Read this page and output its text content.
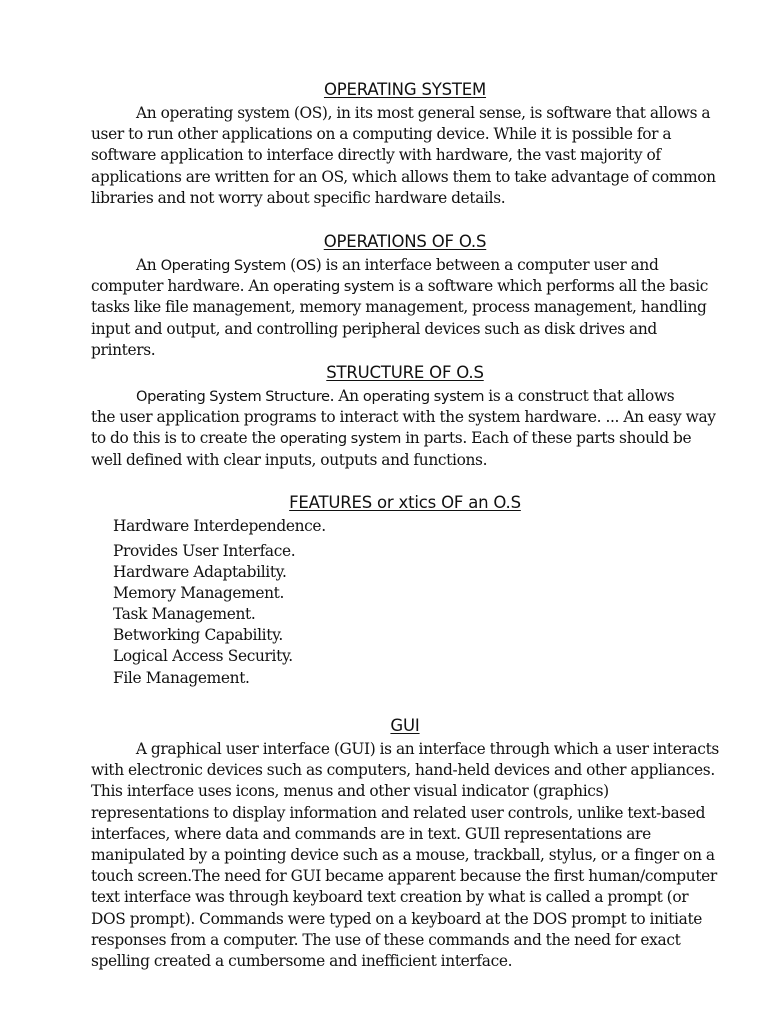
OPERATING SYSTEM
An operating system (OS), in its most general sense, is software that allows a
user to run other applications on a computing device. While it is possible for a
software application to interface directly with hardware, the vast majority of
applications are written for an OS, which allows them to take advantage of common
libraries and not worry about specific hardware details.
OPERATIONS OF O.S
An Operating System (OS) is an interface between a computer user and
computer hardware. An operating system is a software which performs all the basic
tasks like file management, memory management, process management, handling
input and output, and controlling peripheral devices such as disk drives and
printers.
STRUCTURE OF O.S
Operating System Structure. An operating system is a construct that allows
the user application programs to interact with the system hardware. ... An easy way
to do this is to create the operating system in parts. Each of these parts should be
well defined with clear inputs, outputs and functions.
FEATURES or xtics OF an O.S
Hardware Interdependence.
Provides User Interface.
Hardware Adaptability.
Memory Management.
Task Management.
Betworking Capability.
Logical Access Security.
File Management.
GUI
A graphical user interface (GUI) is an interface through which a user interacts
with electronic devices such as computers, hand-held devices and other appliances.
This interface uses icons, menus and other visual indicator (graphics)
representations to display information and related user controls, unlike text-based
interfaces, where data and commands are in text. GUIl representations are
manipulated by a pointing device such as a mouse, trackball, stylus, or a finger on a
touch screen.The need for GUI became apparent because the first human/computer
text interface was through keyboard text creation by what is called a prompt (or
DOS prompt). Commands were typed on a keyboard at the DOS prompt to initiate
responses from a computer. The use of these commands and the need for exact
spelling created a cumbersome and inefficient interface.
